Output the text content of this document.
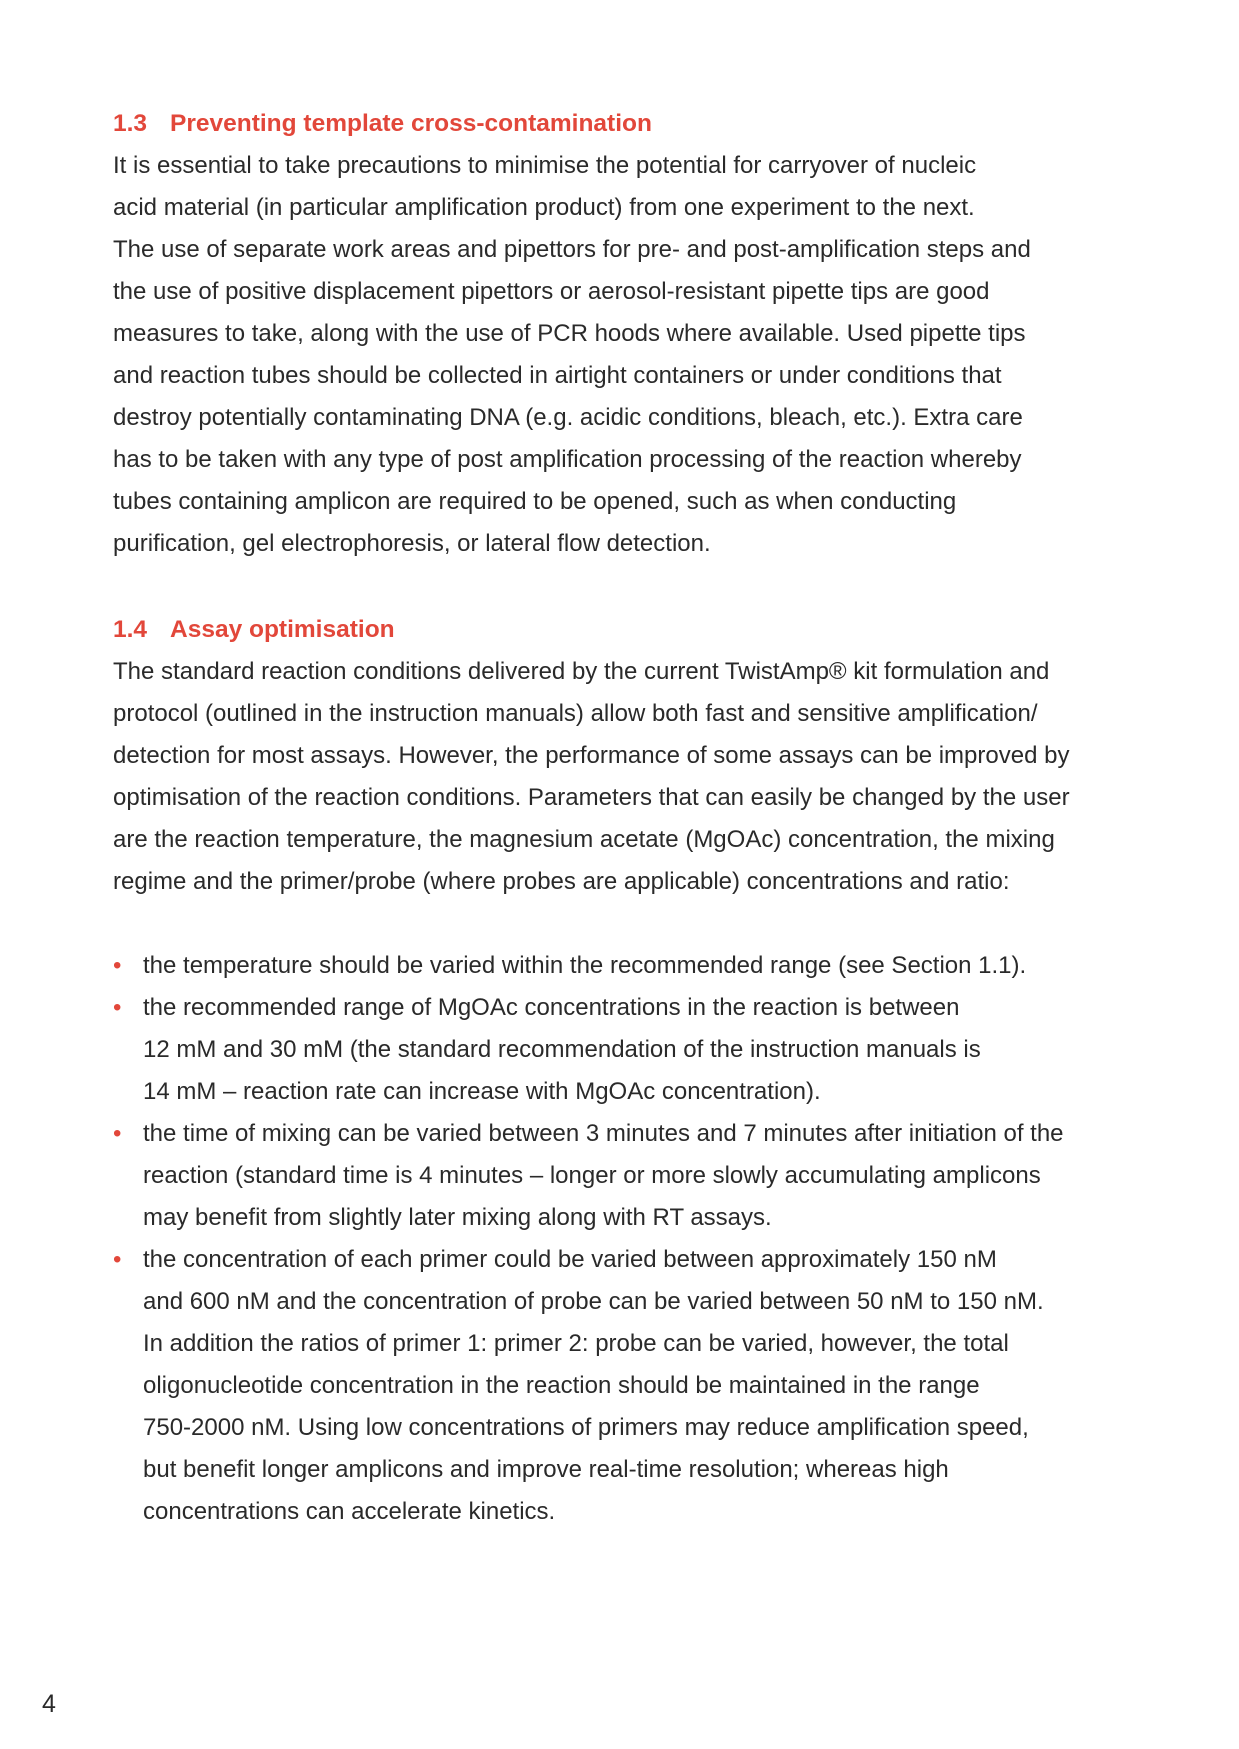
1.3 Preventing template cross-contamination
It is essential to take precautions to minimise the potential for carryover of nucleic
acid material (in particular amplification product) from one experiment to the next.
The use of separate work areas and pipettors for pre- and post-amplification steps and
the use of positive displacement pipettors or aerosol-resistant pipette tips are good
measures to take, along with the use of PCR hoods where available. Used pipette tips
and reaction tubes should be collected in airtight containers or under conditions that
destroy potentially contaminating DNA (e.g. acidic conditions, bleach, etc.). Extra care
has to be taken with any type of post amplification processing of the reaction whereby
tubes containing amplicon are required to be opened, such as when conducting
purification, gel electrophoresis, or lateral flow detection.
1.4 Assay optimisation
The standard reaction conditions delivered by the current TwistAmp® kit formulation and
protocol (outlined in the instruction manuals) allow both fast and sensitive amplification/
detection for most assays. However, the performance of some assays can be improved by
optimisation of the reaction conditions. Parameters that can easily be changed by the user
are the reaction temperature, the magnesium acetate (MgOAc) concentration, the mixing
regime and the primer/probe (where probes are applicable) concentrations and ratio:
• the temperature should be varied within the recommended range (see Section 1.1).
• the recommended range of MgOAc concentrations in the reaction is between
12 mM and 30 mM (the standard recommendation of the instruction manuals is
14 mM – reaction rate can increase with MgOAc concentration).
• the time of mixing can be varied between 3 minutes and 7 minutes after initiation of the
reaction (standard time is 4 minutes – longer or more slowly accumulating amplicons
may benefit from slightly later mixing along with RT assays.
• the concentration of each primer could be varied between approximately 150 nM
and 600 nM and the concentration of probe can be varied between 50 nM to 150 nM.
In addition the ratios of primer 1: primer 2: probe can be varied, however, the total
oligonucleotide concentration in the reaction should be maintained in the range
750-2000 nM. Using low concentrations of primers may reduce amplification speed,
but benefit longer amplicons and improve real-time resolution; whereas high
concentrations can accelerate kinetics.
4
